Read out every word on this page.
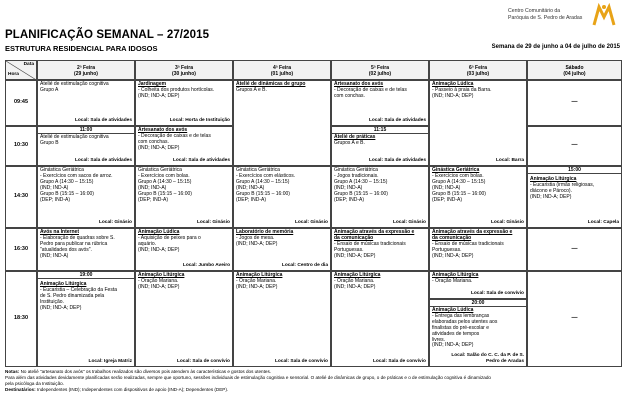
Centro Comunitário da
Paróquia de S. Pedro de Aradas
PLANIFICAÇÃO SEMANAL – 27/2015
ESTRUTURA RESIDENCIAL PARA IDOSOS	Semana de 29 de junho a 04 de julho de 2015
Data
Hora
2ª Feira
(29 junho)
3ª Feira
(30 junho)
4ª Feira
(01 julho)
5ª Feira
(02 julho)
6ª Feira
(03 julho)
Sábado
(04 julho)
09:45
10:30
14:30
16:30
18:30
Atelié de estimulação cognitiva
Grupo A
Local: Sala de atividades
Jardinagem
- Colheita dos produtos hortícolas.
(IND; IND-A; DEP)
Local: Horta de Instituição
Atelié de dinâmicas de grupo
Grupos A e B.
Artesanato dos avós
- Decoração de caixas e de telas
com conchas.
Local: Sala de atividades
Animação Lúdica
- Passeio à praia da Barra.
(IND; IND-A; DEP)
Local: Barra
—
11:00
Atelié de estimulação cognitiva
Grupo B
Local: Sala de atividades
Artesanato dos avós
- Decoração de caixas e de telas
com conchas.
(IND; IND-A; DEP)
Local: Sala de atividades
11:15
Atelié de práticas
Grupos A e B.
Local: Sala de atividades
—
Ginástica Geriátrica
- Exercícios com sacos de arroz.
Grupo A (14:30 – 15:15)
(IND; IND-A)
Grupo B (15:15 – 16:00)
(DEP; IND-A)
Local: Ginásio
Ginástica Geriátrica
- Exercícios com bolas.
Grupo A (14:30 – 15:15)
(IND; IND-A)
Grupo B (15:15 – 16:00)
(DEP; IND-A)
Local: Ginásio
Ginástica Geriátrica
- Exercícios com elásticos.
Grupo A (14:30 – 15:15)
(IND; IND-A)
Grupo B (15:15 – 16:00)
(DEP; IND-A)
Local: Ginásio
Ginástica Geriátrica
- Jogos tradicionais.
Grupo A (14:30 – 15:15)
(IND; IND-A)
Grupo B (15:15 – 16:00)
(DEP; IND-A)
Local: Ginásio
Ginástica Geriátrica
- Exercícios com bolas.
Grupo A (14:30 – 15:15)
(IND; IND-A)
Grupo B (15:15 – 16:00)
(DEP; IND-A)
Local: Ginásio
15:00
Animação Litúrgica
- Eucaristia (irmãs religiosas,
diácono e Pároco).
(IND; IND-A; DEP)
Local: Capela
Avós na Internet
- Elaboração de quadras sobre S.
Pedro para publicar na rúbrica
"atualidades dos avós".
(IND; IND-A)
Animação Lúdica
- Aquisição de peixes para o
aquário.
(IND; IND-A; DEP)
Local: Jumbo Aveiro
Laboratório de memória
- Jogos de mesa.
(IND; IND-A; DEP)
Local: Centro de dia
Animação através da expressão e
da comunicação
- Ensaio de músicas tradicionais
Portuguesas.
(IND; IND-A; DEP)
Animação através da expressão e
da comunicação
- Ensaio de músicas tradicionais
Portuguesas.
(IND; IND-A; DEP)
—
19:00
Animação Litúrgica
- Eucaristia – Celebração da Festa
de S. Pedro dinamizada pela
Instituição.
(IND; IND-A; DEP)
Local: Igreja Matriz
Animação Litúrgica
- Oração Mariana.
(IND; IND-A; DEP)
Local: Sala de convívio
Animação Litúrgica
- Oração Mariana.
(IND; IND-A; DEP)
Local: Sala de convívio
Animação Litúrgica
- Oração Mariana.
(IND; IND-A; DEP)
Local: Sala de convívio
Animação Litúrgica
- Oração Mariana.
Local: Sala de convívio
20:00
Animação Lúdica
- Entrega das lembranças
elaboradas pelos utentes aos
finalistas do pré-escolar e
atividades de tempos
livres.
(IND; IND-A; DEP)
Local: Salão do C. C. da P. de S.
Pedro de Aradas
—
Notas: No atelié "artesanato dos avós" os trabalhos realizados são diversos pois atendem às características e gostos dos utentes.
Para além das atividades devidamente planificadas serão realizadas, sempre que oportuno, sessões individuais de estimulação cognitiva e sensorial. O atelié de dinâmicas de grupo, o de práticas e o de estimulação cognitiva é dinamizado
pela psicóloga da Instituição.
Destinatários: Independentes (IND); Independentes com dispositivos de apoio (IND-A); Dependentes (DEP).
